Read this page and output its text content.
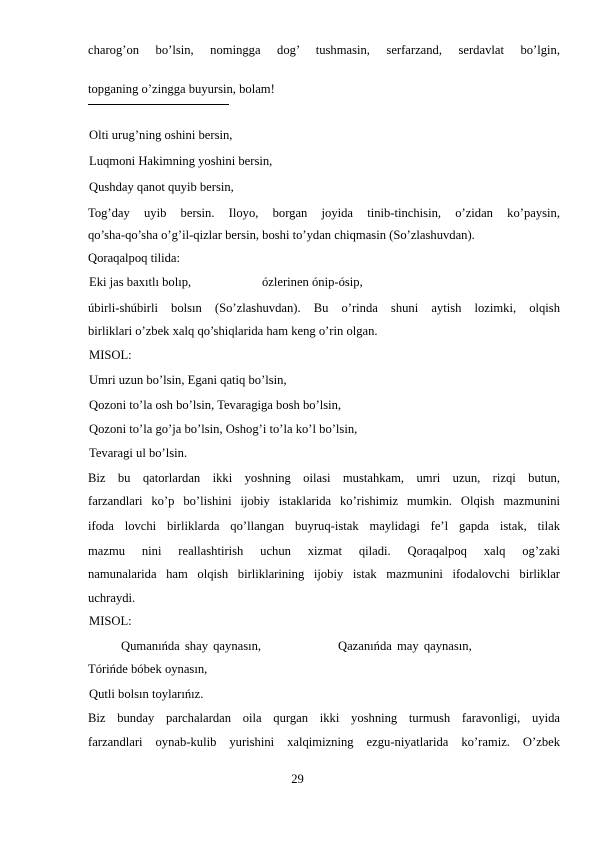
charog’on bo’lsin, nomingga dog’ tushmasin, serfarzand, serdavlat bo’lgin,
topganing o’zingga buyursin, bolam!
Olti urug’ning oshini bersin,
Luqmoni Hakimning yoshini bersin,
Qushday qanot quyib bersin,
Tog’day uyib bersin. Iloyo, borgan joyida tinib-tinchisin, o’zidan ko’paysin,
qo’sha-qo’sha o’g’il-qizlar bersin, boshi to’ydan chiqmasin (So’zlashuvdan).
Qoraqalpoq tilida:
Eki jas baxıtlı bolıp,	ózlerinen ónip-ósip,
úbirli-shúbirli bolsın (So’zlashuvdan). Bu o’rinda shuni aytish lozimki, olqish
birliklari o’zbek xalq qo’shiqlarida ham keng o’rin olgan.
MISOL:
Umri uzun bo’lsin, Egani qatiq bo’lsin,
Qozoni to’la osh bo’lsin, Tevaragiga bosh bo’lsin,
Qozoni to’la go’ja bo’lsin, Oshog’i to’la ko’l bo’lsin,
Tevaragi ul bo’lsin.
Biz bu qatorlardan ikki yoshning oilasi mustahkam, umri uzun, rizqi butun,
farzandlari ko’p bo’lishini ijobiy istaklarida ko’rishimiz mumkin. Olqish mazmunini
ifoda lovchi birliklarda qo’llangan buyruq-istak maylidagi fe’l gapda istak, tilak
mazmu nini reallashtirish uchun xizmat qiladi. Qoraqalpoq xalq og’zaki
namunalarida ham olqish birliklarining ijobiy istak mazmunini ifodalovchi birliklar
uchraydi.
MISOL:
Qumanıńda shay qaynasın,	Qazanıńda may qaynasın,
Tórińde bóbek oynasın,
Qutli bolsın toylarıńız.
Biz bunday parchalardan oila qurgan ikki yoshning turmush faravonligi, uyida
farzandlari oynab-kulib yurishini xalqimizning ezgu-niyatlarida ko’ramiz. O’zbek
29
